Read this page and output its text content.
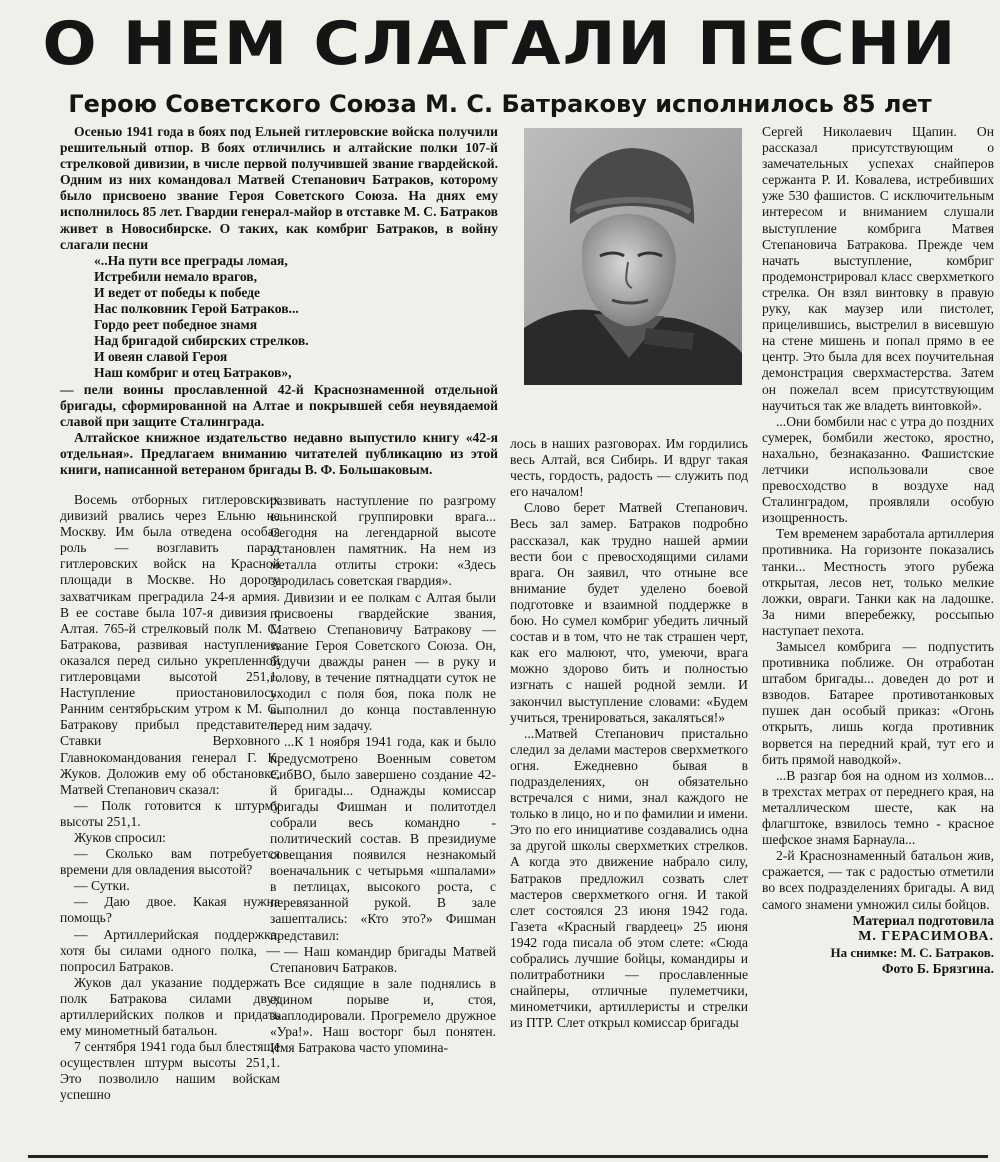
О НЕМ СЛАГАЛИ ПЕСНИ
Герою Советского Союза М. С. Батракову исполнилось 85 лет

Осенью 1941 года в боях под Ельней гитлеровские войска получили решительный отпор. В боях отличились и алтайские полки 107-й стрелковой дивизии, в числе первой получившей звание гвардейской. Одним из них командовал Матвей Степанович Батраков, которому было присвоено звание Героя Советского Союза. На днях ему исполнилось 85 лет. Гвардии генерал-майор в отставке М. С. Батраков живет в Новосибирске. О таких, как комбриг Батраков, в войну слагали песни

«..На пути все преграды ломая,
Истребили немало врагов,
И ведет от победы к победе
Нас полковник Герой Батраков...
Гордо реет победное знамя
Над бригадой сибирских стрелков.
И овеян славой Героя
Наш комбриг и отец Батраков»,

— пели воины прославленной 42-й Краснознаменной отдельной бригады, сформированной на Алтае и покрывшей себя неувядаемой славой при защите Сталинграда.

Алтайское книжное издательство недавно выпустило книгу «42-я отдельная». Предлагаем вниманию читателей публикацию из этой книги, написанной ветераном бригады В. Ф. Большаковым.

Восемь отборных гитлеровских дивизий рвались через Ельню на Москву. Им была отведена особая роль — возглавить парад гитлеровских войск на Красной площади в Москве. Но дорогу захватчикам преградила 24-я армия. В ее составе была 107-я дивизия с Алтая. 765-й стрелковый полк М. С. Батракова, развивая наступление, оказался перед сильно укрепленной гитлеровцами высотой 251,1. Наступление приостановилось. Ранним сентябрьским утром к М. С. Батракову прибыл представитель Ставки Верховного Главнокомандования генерал Г. К. Жуков. Доложив ему об обстановке, Матвей Степанович сказал:

— Полк готовится к штурму высоты 251,1.

Жуков спросил:

— Сколько вам потребуется времени для овладения высотой?

— Сутки.

— Даю двое. Какая нужна помощь?

— Артиллерийская поддержка, хотя бы силами одного полка, — попросил Батраков.

Жуков дал указание поддержать полк Батракова силами двух артиллерийских полков и придать ему минометный батальон.

7 сентября 1941 года был блестяще осуществлен штурм высоты 251,1. Это позволило нашим войскам успешно

развивать наступление по разгрому ельнинской группировки врага... Сегодня на легендарной высоте установлен памятник. На нем из металла отлиты строки: «Здесь зародилась советская гвардия».

Дивизии и ее полкам с Алтая были присвоены гвардейские звания, Матвею Степановичу Батракову — звание Героя Советского Союза. Он, будучи дважды ранен — в руку и голову, в течение пятнадцати суток не уходил с поля боя, пока полк не выполнил до конца поставленную перед ним задачу.

...К 1 ноября 1941 года, как и было предусмотрено Военным советом СибВО, было завершено создание 42-й бригады... Однажды комиссар бригады Фишман и политотдел собрали весь командно - политический состав. В президиуме совещания появился незнакомый военачальник с четырьмя «шпалами» в петлицах, высокого роста, с перевязанной рукой. В зале зашептались: «Кто это?» Фишман представил:

— Наш командир бригады Матвей Степанович Батраков.

Все сидящие в зале поднялись в едином порыве и, стоя, зааплодировали. Прогремело дружное «Ура!». Наш восторг был понятен. Имя Батракова часто упомина-

лось в наших разговорах. Им гордились весь Алтай, вся Сибирь. И вдруг такая честь, гордость, радость — служить под его началом!

Слово берет Матвей Степанович. Весь зал замер. Батраков подробно рассказал, как трудно нашей армии вести бои с превосходящими силами врага. Он заявил, что отныне все внимание будет уделено боевой подготовке и взаимной поддержке в бою. Но сумел комбриг убедить личный состав и в том, что не так страшен черт, как его малюют, что, умеючи, врага можно здорово бить и полностью изгнать с нашей родной земли. И закончил выступление словами: «Будем учиться, тренироваться, закаляться!»

...Матвей Степанович пристально следил за делами мастеров сверхметкого огня. Ежедневно бывая в подразделениях, он обязательно встречался с ними, знал каждого не только в лицо, но и по фамилии и имени. Это по его инициативе создавались одна за другой школы сверхметких стрелков. А когда это движение набрало силу, Батраков предложил созвать слет мастеров сверхметкого огня. И такой слет состоялся 23 июня 1942 года. Газета «Красный гвардеец» 25 июня 1942 года писала об этом слете: «Сюда собрались лучшие бойцы, командиры и политработники — прославленные снайперы, отличные пулеметчики, минометчики, артиллеристы и стрелки из ПТР. Слет открыл комиссар бригады

Сергей Николаевич Щапин. Он рассказал присутствующим о замечательных успехах снайперов сержанта Р. И. Ковалева, истребивших уже 530 фашистов. С исключительным интересом и вниманием слушали выступление комбрига Матвея Степановича Батракова. Прежде чем начать выступление, комбриг продемонстрировал класс сверхметкого стрелка. Он взял винтовку в правую руку, как маузер или пистолет, прицелившись, выстрелил в висевшую на стене мишень и попал прямо в ее центр. Это была для всех поучительная демонстрация сверхмастерства. Затем он пожелал всем присутствующим научиться так же владеть винтовкой».

...Они бомбили нас с утра до поздних сумерек, бомбили жестоко, яростно, нахально, безнаказанно. Фашистские летчики использовали свое превосходство в воздухе над Сталинградом, проявляли особую изощренность.

Тем временем заработала артиллерия противника. На горизонте показались танки... Местность этого рубежа открытая, лесов нет, только мелкие ложки, овраги. Танки как на ладошке. За ними вперебежку, россыпью наступает пехота.

Замысел комбрига — подпустить противника поближе. Он отработан штабом бригады... доведен до рот и взводов. Батарее противотанковых пушек дан особый приказ: «Огонь открыть, лишь когда противник ворвется на передний край, тут его и бить прямой наводкой».

...В разгар боя на одном из холмов... в трехстах метрах от переднего края, на металлическом шесте, как на флагштоке, взвилось темно - красное шефское знамя Барнаула...

2-й Краснознаменный батальон жив, сражается, — так с радостью отметили во всех подразделениях бригады. А вид самого знамени умножил силы бойцов.

Материал подготовила

М. ГЕРАСИМОВА.

На снимке: М. С. Батраков.

Фото Б. Брязгина.
